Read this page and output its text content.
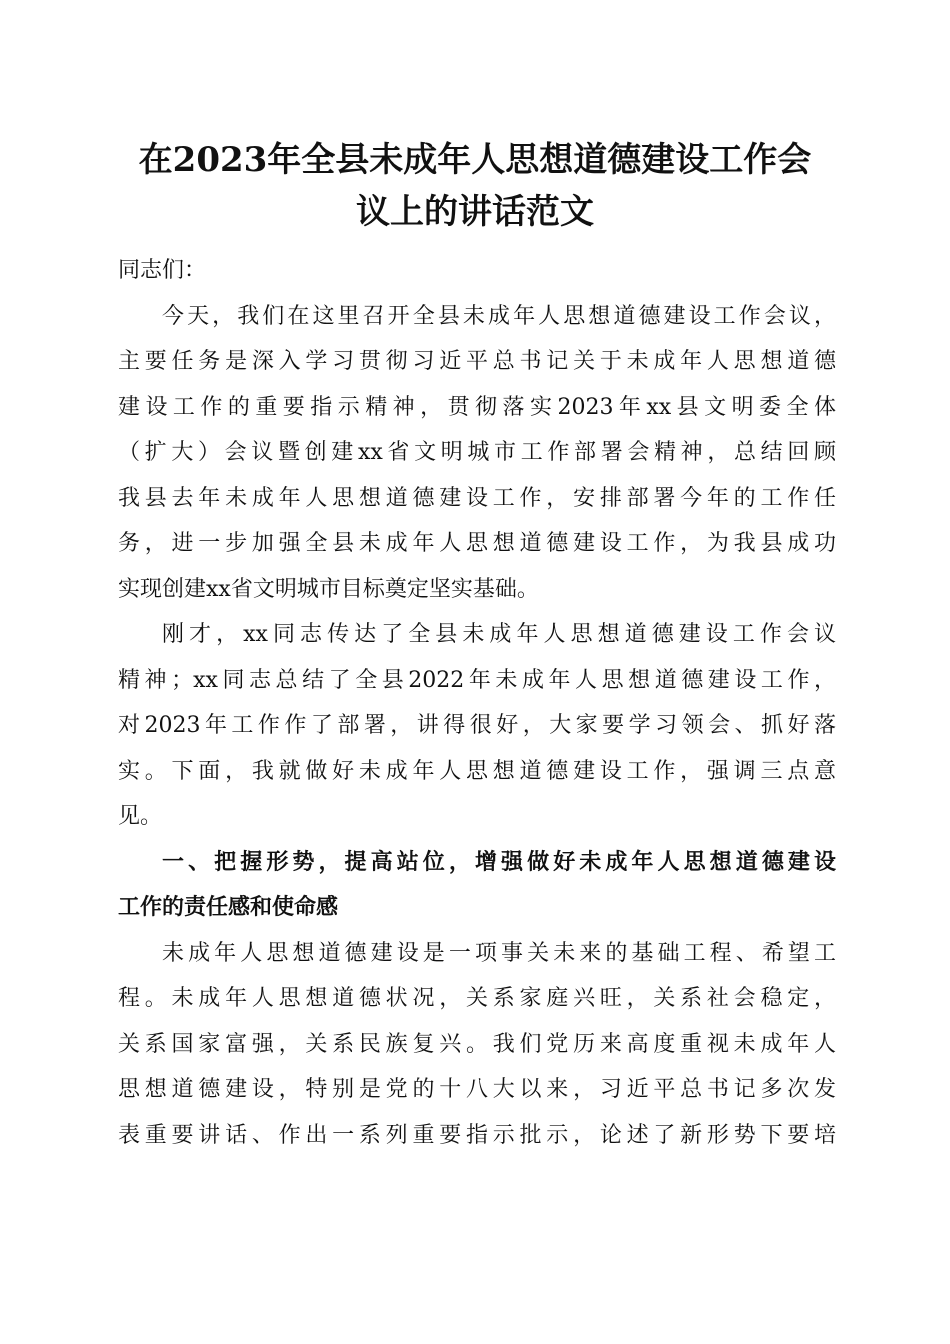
在2023年全县未成年人思想道德建设工作会
议上的讲话范文
同志们：
今天，我们在这里召开全县未成年人思想道德建设工作会议，
主要任务是深入学习贯彻习近平总书记关于未成年人思想道德
建设工作的重要指示精神，贯彻落实2023年xx县文明委全体
（扩大）会议暨创建xx省文明城市工作部署会精神，总结回顾
我县去年未成年人思想道德建设工作，安排部署今年的工作任
务，进一步加强全县未成年人思想道德建设工作，为我县成功
实现创建xx省文明城市目标奠定坚实基础。
刚才，xx同志传达了全县未成年人思想道德建设工作会议
精神；xx同志总结了全县2022年未成年人思想道德建设工作，
对2023年工作作了部署，讲得很好，大家要学习领会、抓好落
实。下面，我就做好未成年人思想道德建设工作，强调三点意
见。
一、把握形势，提高站位，增强做好未成年人思想道德建设
工作的责任感和使命感
未成年人思想道德建设是一项事关未来的基础工程、希望工
程。未成年人思想道德状况，关系家庭兴旺，关系社会稳定，
关系国家富强，关系民族复兴。我们党历来高度重视未成年人
思想道德建设，特别是党的十八大以来，习近平总书记多次发
表重要讲话、作出一系列重要指示批示，论述了新形势下要培
